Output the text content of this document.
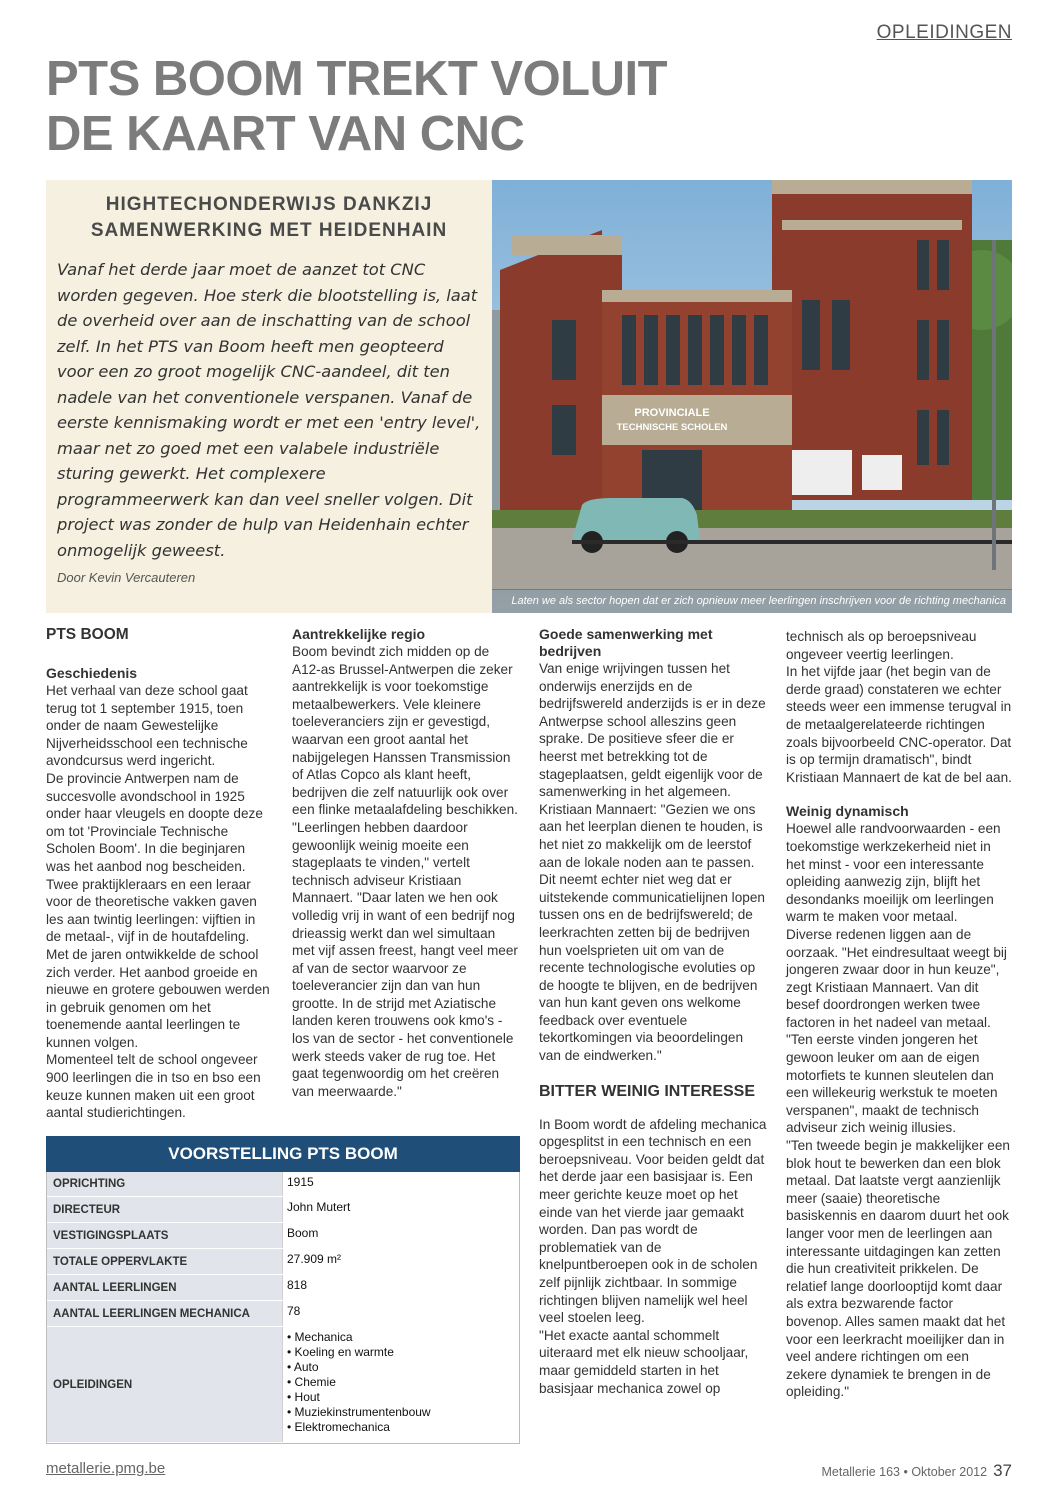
OPLEIDINGEN
PTS BOOM TREKT VOLUIT
DE KAART VAN CNC
HIGHTECHONDERWIJS DANKZIJ
SAMENWERKING MET HEIDENHAIN

Vanaf het derde jaar moet de aanzet tot CNC worden gegeven. Hoe sterk die blootstelling is, laat de overheid over aan de inschatting van de school zelf. In het PTS van Boom heeft men geopteerd voor een zo groot mogelijk CNC-aandeel, dit ten nadele van het conventionele verspanen. Vanaf de eerste kennismaking wordt er met een 'entry level', maar net zo goed met een valabele industriële sturing gewerkt. Het complexere programmeerwerk kan dan veel sneller volgen. Dit project was zonder de hulp van Heidenhain echter onmogelijk geweest.

Door Kevin Vercauteren
PROVINCIALE
TECHNISCHE SCHOLEN
Laten we als sector hopen dat er zich opnieuw meer leerlingen inschrijven voor de richting mechanica
PTS BOOM
Geschiedenis

Het verhaal van deze school gaat terug tot 1 september 1915, toen onder de naam Gewestelijke Nijverheidsschool een technische avondcursus werd ingericht.

De provincie Antwerpen nam de succesvolle avondschool in 1925 onder haar vleugels en doopte deze om tot 'Provinciale Technische Scholen Boom'. In die beginjaren was het aanbod nog bescheiden. Twee praktijkleraars en een leraar voor de theoretische vakken gaven les aan twintig leerlingen: vijftien in de metaal-, vijf in de houtafdeling. Met de jaren ontwikkelde de school zich verder. Het aanbod groeide en nieuwe en grotere gebouwen werden in gebruik genomen om het toenemende aantal leerlingen te kunnen volgen.

Momenteel telt de school ongeveer 900 leerlingen die in tso en bso een keuze kunnen maken uit een groot aantal studierichtingen.

Aantrekkelijke regio

Boom bevindt zich midden op de A12-as Brussel-Antwerpen die zeker aantrekkelijk is voor toekomstige metaalbewerkers. Vele kleinere toeleveranciers zijn er gevestigd, waarvan een groot aantal het nabijgelegen Hanssen Transmission of Atlas Copco als klant heeft, bedrijven die zelf natuurlijk ook over een flinke metaalafdeling beschikken.

"Leerlingen hebben daardoor gewoonlijk weinig moeite een stageplaats te vinden," vertelt technisch adviseur Kristiaan Mannaert. "Daar laten we hen ook volledig vrij in want of een bedrijf nog drieassig werkt dan wel simultaan met vijf assen freest, hangt veel meer af van de sector waarvoor ze toeleverancier zijn dan van hun grootte. In de strijd met Aziatische landen keren trouwens ook kmo's - los van de sector - het conventionele werk steeds vaker de rug toe. Het gaat tegenwoordig om het creëren van meerwaarde."

Goede samenwerking met bedrijven

Van enige wrijvingen tussen het onderwijs enerzijds en de bedrijfswereld anderzijds is er in deze Antwerpse school alleszins geen sprake. De positieve sfeer die er heerst met betrekking tot de stageplaatsen, geldt eigenlijk voor de samenwerking in het algemeen.

Kristiaan Mannaert: "Gezien we ons aan het leerplan dienen te houden, is het niet zo makkelijk om de leerstof aan de lokale noden aan te passen. Dit neemt echter niet weg dat er uitstekende communicatielijnen lopen tussen ons en de bedrijfswereld; de leerkrachten zetten bij de bedrijven hun voelsprieten uit om van de recente technologische evoluties op de hoogte te blijven, en de bedrijven van hun kant geven ons welkome feedback over eventuele tekortkomingen via beoordelingen van de eindwerken."

BITTER WEINIG INTERESSE

In Boom wordt de afdeling mechanica opgesplitst in een technisch en een beroepsniveau. Voor beiden geldt dat het derde jaar een basisjaar is. Een meer gerichte keuze moet op het einde van het vierde jaar gemaakt worden. Dan pas wordt de problematiek van de knelpuntberoepen ook in de scholen zelf pijnlijk zichtbaar. In sommige richtingen blijven namelijk wel heel veel stoelen leeg.

"Het exacte aantal schommelt uiteraard met elk nieuw schooljaar, maar gemiddeld starten in het basisjaar mechanica zowel op

technisch als op beroepsniveau ongeveer veertig leerlingen.

In het vijfde jaar (het begin van de derde graad) constateren we echter steeds weer een immense terugval in de metaalgerelateerde richtingen zoals bijvoorbeeld CNC-operator. Dat is op termijn dramatisch", bindt Kristiaan Mannaert de kat de bel aan.

Weinig dynamisch

Hoewel alle randvoorwaarden - een toekomstige werkzekerheid niet in het minst - voor een interessante opleiding aanwezig zijn, blijft het desondanks moeilijk om leerlingen warm te maken voor metaal.

Diverse redenen liggen aan de oorzaak. "Het eindresultaat weegt bij jongeren zwaar door in hun keuze", zegt Kristiaan Mannaert. Van dit besef doordrongen werken twee factoren in het nadeel van metaal.

"Ten eerste vinden jongeren het gewoon leuker om aan de eigen motorfiets te kunnen sleutelen dan een willekeurig werkstuk te moeten verspanen", maakt de technisch adviseur zich weinig illusies.

"Ten tweede begin je makkelijker een blok hout te bewerken dan een blok metaal. Dat laatste vergt aanzienlijk meer (saaie) theoretische basiskennis en daarom duurt het ook langer voor men de leerlingen aan interessante uitdagingen kan zetten die hun creativiteit prikkelen. De relatief lange doorlooptijd komt daar als extra bezwarende factor bovenop. Alles samen maakt dat het voor een leerkracht moeilijker dan in veel andere richtingen om een zekere dynamiek te brengen in de opleiding."

VOORSTELLING PTS BOOM
OPRICHTING	1915
DIRECTEUR	John Mutert
VESTIGINGSPLAATS	Boom
TOTALE OPPERVLAKTE	27.909 m²
AANTAL LEERLINGEN	818
AANTAL LEERLINGEN MECHANICA	78
OPLEIDINGEN
• Mechanica
• Koeling en warmte
• Auto
• Chemie
• Hout
• Muziekinstrumentenbouw
• Elektromechanica
metallerie.pmg.be	Metallerie 163 • Oktober 2012 37
